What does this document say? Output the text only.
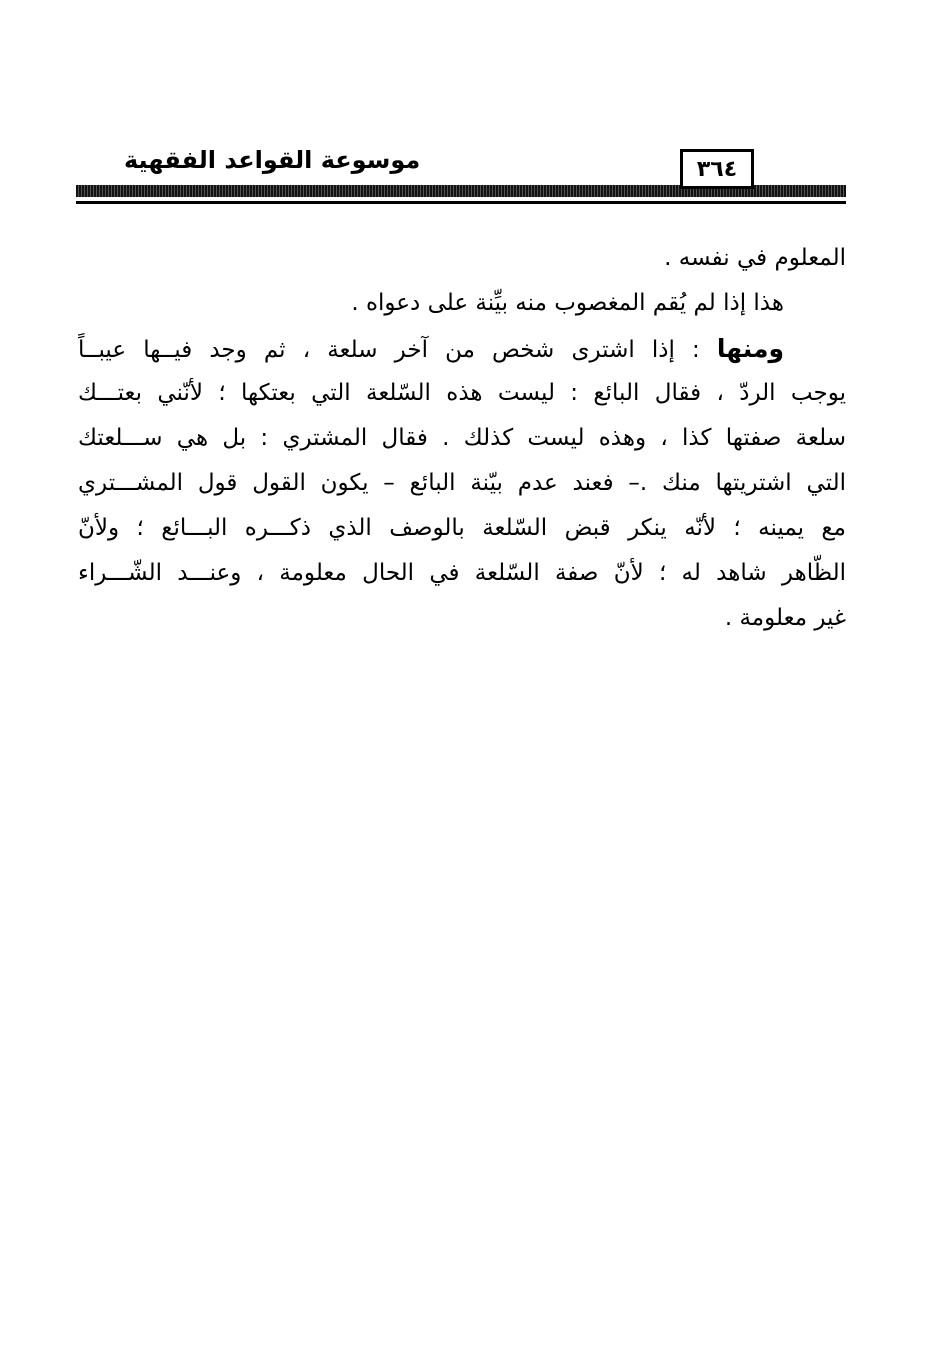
موسوعة القواعد الفقهية	٣٦٤
المعلوم في نفسه .
هذا إذا لم يُقم المغصوب منه بيِّنة على دعواه .
ومنها : إذا اشترى شخص من آخر سلعة ، ثم وجد فيــها عيبــاً
يوجب الردّ ، فقال البائع : ليست هذه السّلعة التي بعتكها ؛ لأنّني بعتـــك
سلعة صفتها كذا ، وهذه ليست كذلك . فقال المشتري : بل هي ســـلعتك
التي اشتريتها منك .– فعند عدم بيّنة البائع – يكون القول قول المشـــتري
مع يمينه ؛ لأنّه ينكر قبض السّلعة بالوصف الذي ذكـــره البـــائع ؛ ولأنّ
الظّاهر شاهد له ؛ لأنّ صفة السّلعة في الحال معلومة ، وعنـــد الشّـــراء
غير معلومة .
